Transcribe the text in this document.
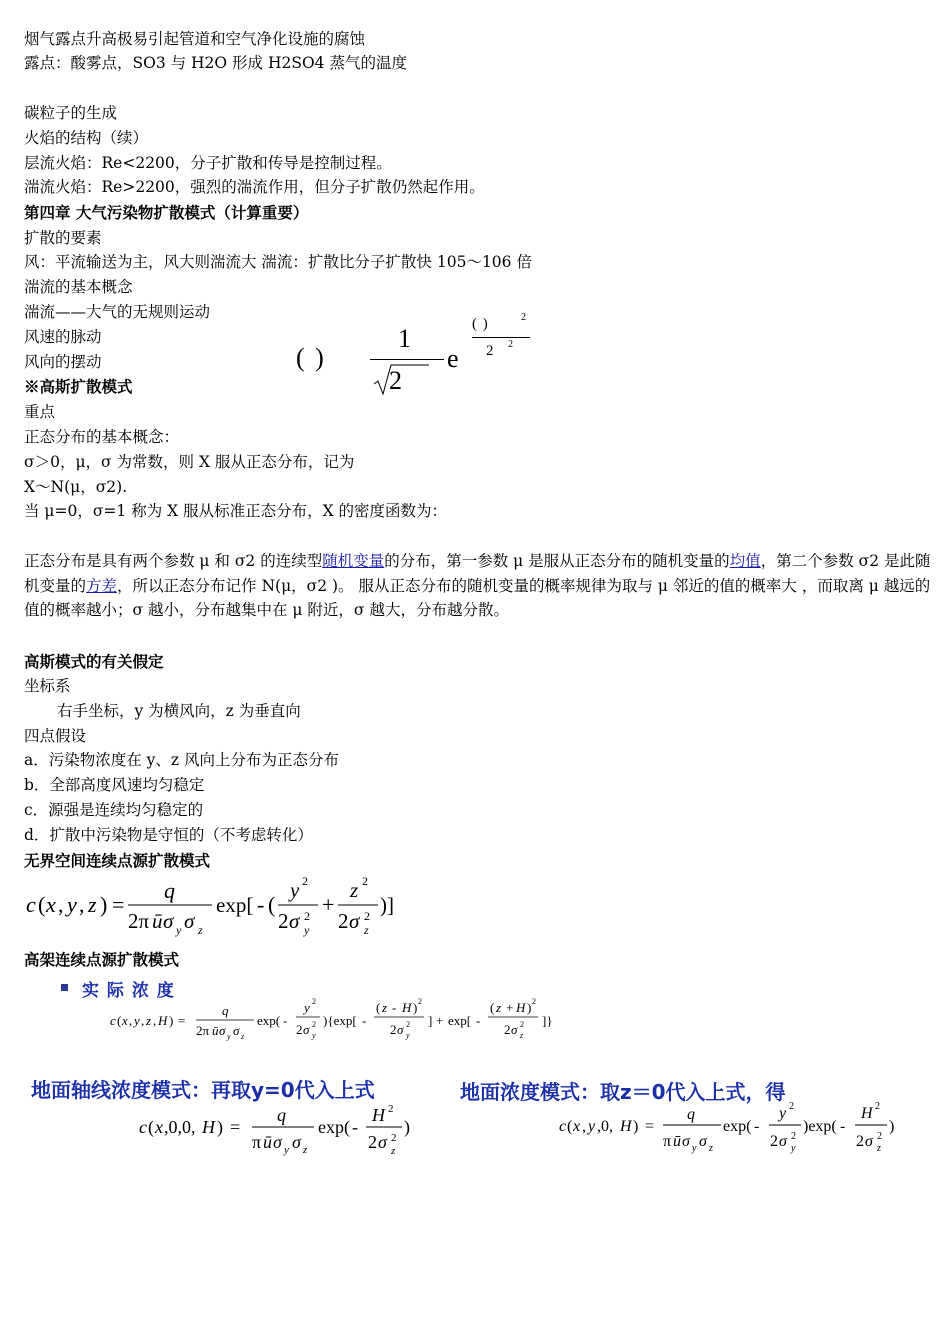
烟气露点升高极易引起管道和空气净化设施的腐蚀
露点：酸雾点，SO3 与 H2O 形成 H2SO4 蒸气的温度
碳粒子的生成
火焰的结构（续）
层流火焰：Re<2200，分子扩散和传导是控制过程。
湍流火焰：Re>2200，强烈的湍流作用，但分子扩散仍然起作用。
第四章 大气污染物扩散模式（计算重要）
扩散的要素
风：平流输送为主，风大则湍流大 湍流：扩散比分子扩散快 105～106 倍
湍流的基本概念
湍流——大气的无规则运动
风速的脉动
风向的摆动
※高斯扩散模式
重点
正态分布的基本概念：
σ＞0，μ，σ 为常数，则 X 服从正态分布，记为
X～N(μ，σ2).
当 μ=0，σ=1 称为 X 服从标准正态分布，X 的密度函数为：
( )
1
2
e
( )	2
2 2
正态分布是具有两个参数 μ 和 σ2 的连续型随机变量的分布，第一参数 μ 是服从正态分布的随机变量的均值，第二个参数 σ2 是此随机变量的方差，所以正态分布记作 N(μ，σ2 )。 服从正态分布的随机变量的概率规律为取与 μ 邻近的值的概率大 ，而取离 μ 越远的值的概率越小；σ 越小，分布越集中在 μ 附近，σ 越大，分布越分散。
高斯模式的有关假定
坐标系
右手坐标，y 为横风向，z 为垂直向
四点假设
a．污染物浓度在 y、z 风向上分布为正态分布
b．全部高度风速均匀稳定
c．源强是连续均匀稳定的
d．扩散中污染物是守恒的（不考虑转化）
无界空间连续点源扩散模式
c ( x , y , z ) =
q
2π ū σ y σ z
exp[ - (
y 2
2 σ 2
y
+
z 2
2 σ 2
z
)]
高架连续点源扩散模式
实 际 浓 度
c ( x , y , z , H ) =
q
2π ū σ y σ z
exp( -
y 2
2 σ 2
y
){exp[ -
( z - H ) 2
2 σ 2
y
] + exp[ -
( z + H ) 2
2 σ 2
z
]}
地面轴线浓度模式：再取y=0代入上式	地面浓度模式：取z＝0代入上式，得
c ( x ,0,0, H ) =
q
π ū σ y σ z
exp( -
H 2
2 σ 2
z
)	c ( x , y ,0, H ) =
q
π ū σ y σ z
exp( -
y 2
2 σ 2
y
)exp( -
H 2
2 σ 2
z
)
